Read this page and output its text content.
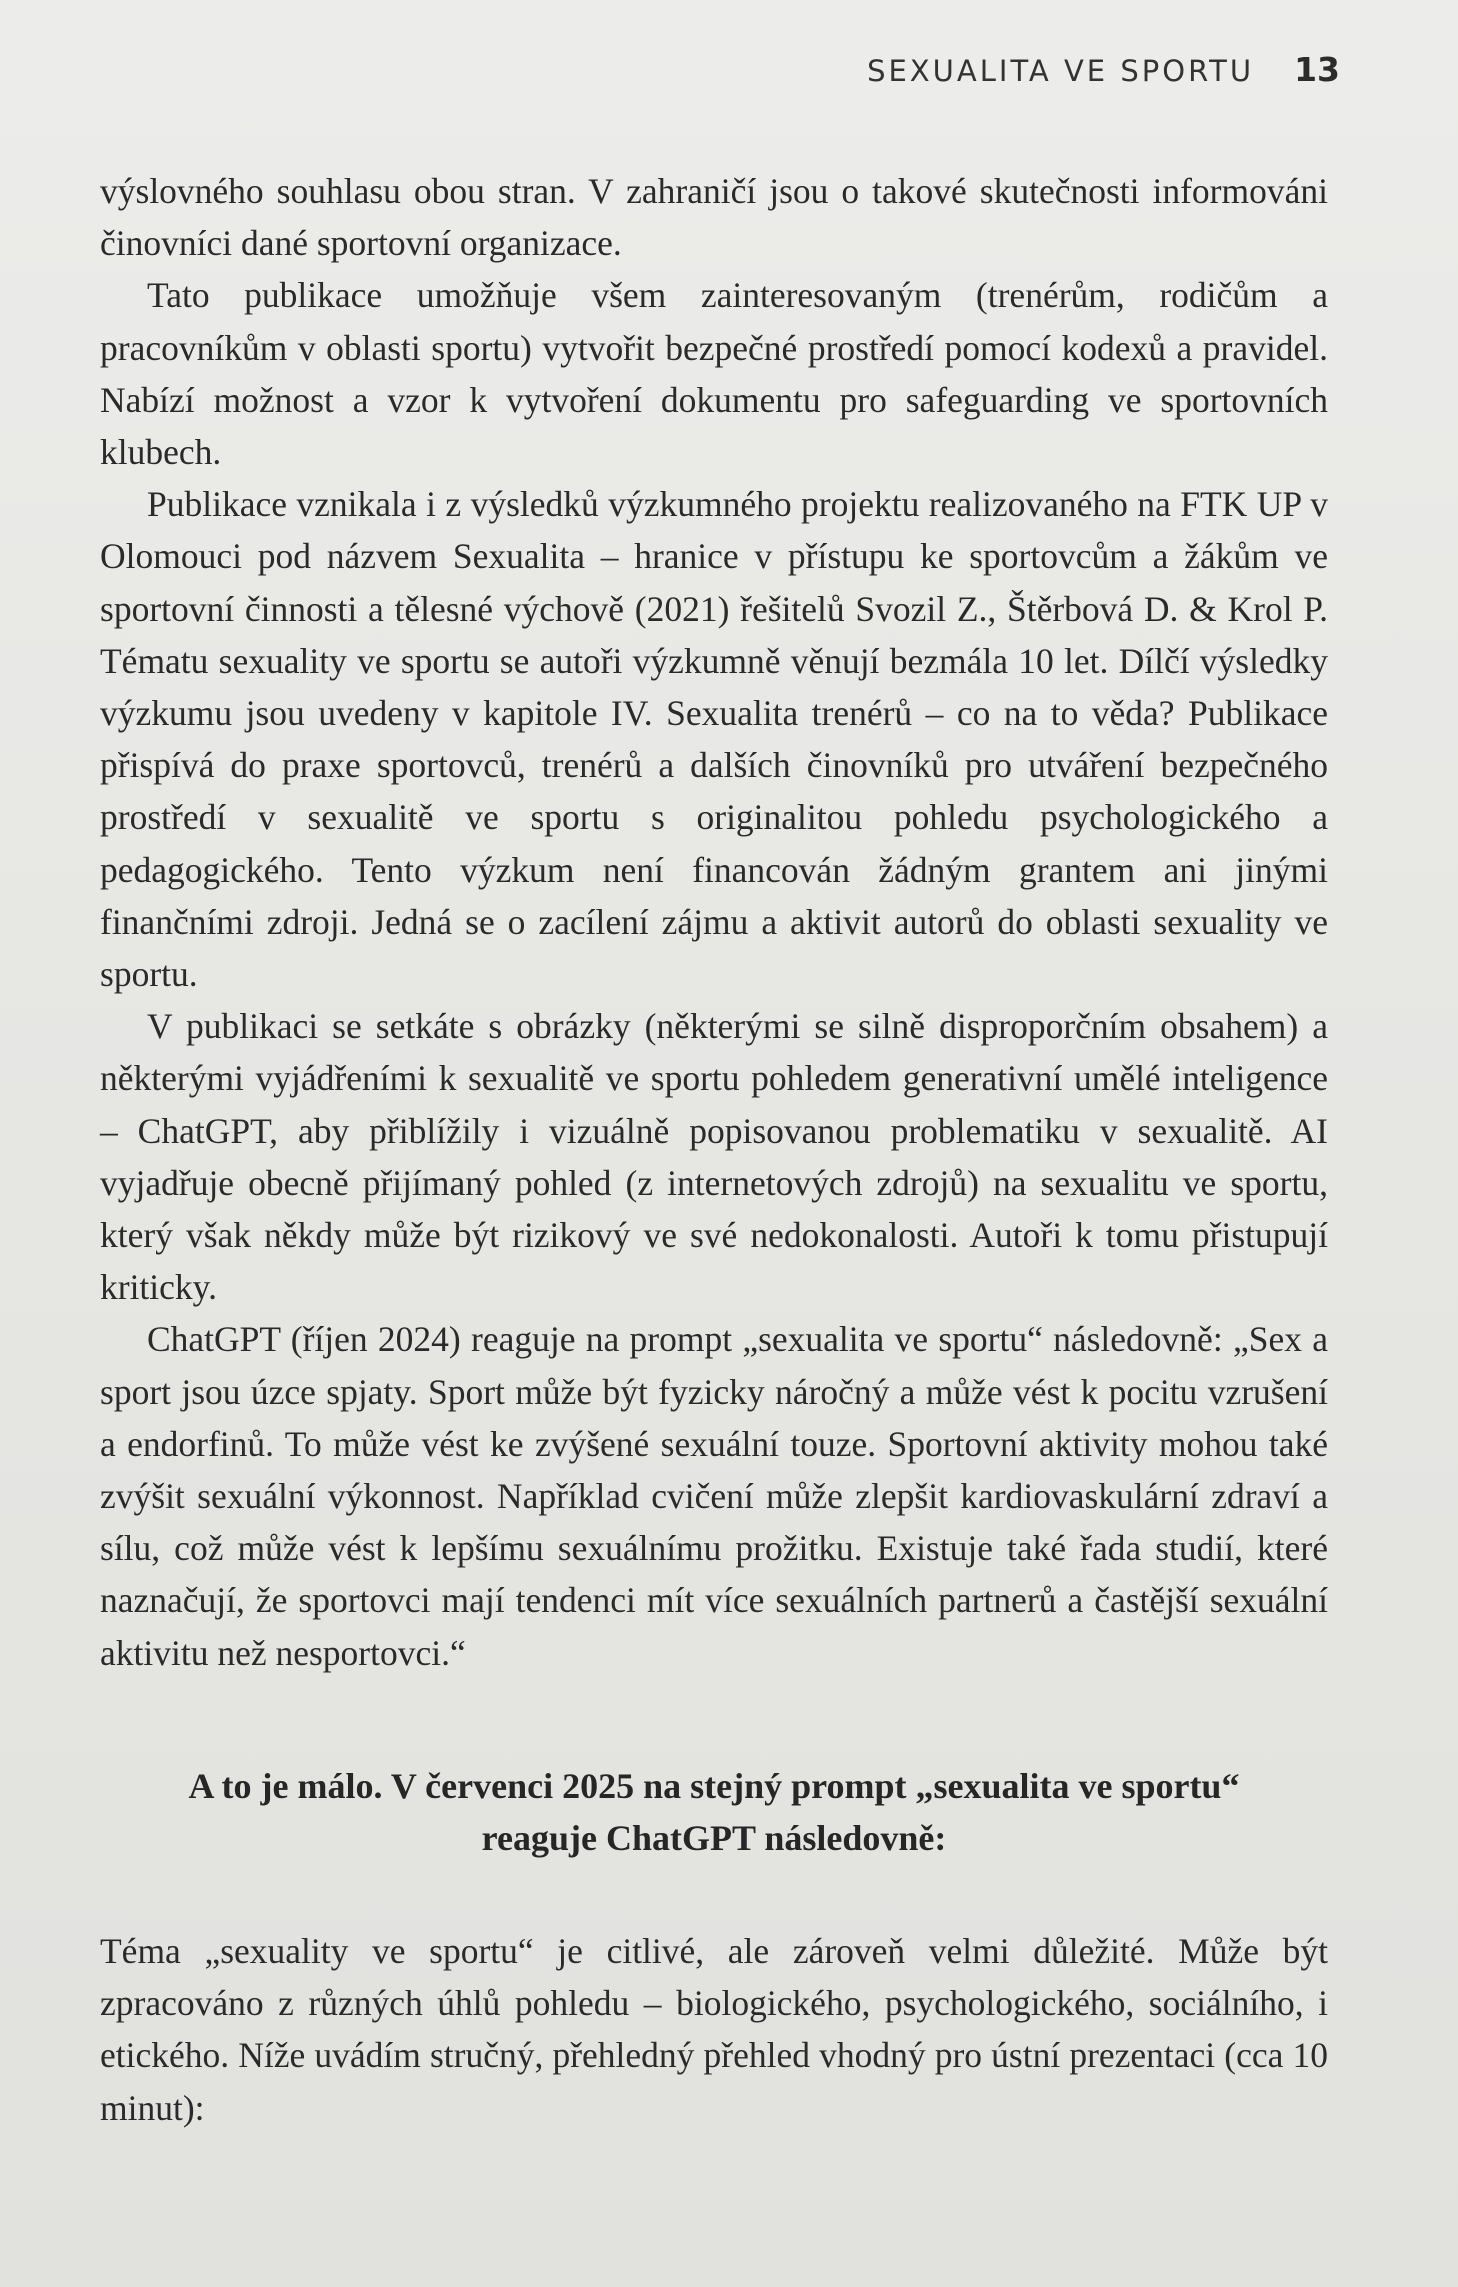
SEXUALITA VE SPORTU 13

výslovného souhlasu obou stran. V zahraničí jsou o takové skutečnosti informováni činovníci dané sportovní organizace.

Tato publikace umožňuje všem zainteresovaným (trenérům, rodičům a pracovníkům v oblasti sportu) vytvořit bezpečné prostředí pomocí kodexů a pravidel. Nabízí možnost a vzor k vytvoření dokumentu pro safeguarding ve sportovních klubech.

Publikace vznikala i z výsledků výzkumného projektu realizovaného na FTK UP v Olomouci pod názvem Sexualita – hranice v přístupu ke sportovcům a žákům ve sportovní činnosti a tělesné výchově (2021) řešitelů Svozil Z., Štěrbová D. & Krol P. Tématu sexuality ve sportu se autoři výzkumně věnují bezmála 10 let. Dílčí výsledky výzkumu jsou uvedeny v kapitole IV. Sexualita trenérů – co na to věda? Publikace přispívá do praxe sportovců, trenérů a dalších činovníků pro utváření bezpečného prostředí v sexualitě ve sportu s originalitou pohledu psychologického a pedagogického. Tento výzkum není financován žádným grantem ani jinými finančními zdroji. Jedná se o zacílení zájmu a aktivit autorů do oblasti sexuality ve sportu.

V publikaci se setkáte s obrázky (některými se silně disproporčním obsahem) a některými vyjádřeními k sexualitě ve sportu pohledem generativní umělé inteligence – ChatGPT, aby přiblížily i vizuálně popisovanou problematiku v sexualitě. AI vyjadřuje obecně přijímaný pohled (z internetových zdrojů) na sexualitu ve sportu, který však někdy může být rizikový ve své nedokonalosti. Autoři k tomu přistupují kriticky.

ChatGPT (říjen 2024) reaguje na prompt „sexualita ve sportu“ následovně: „Sex a sport jsou úzce spjaty. Sport může být fyzicky náročný a může vést k pocitu vzrušení a endorfinů. To může vést ke zvýšené sexuální touze. Sportovní aktivity mohou také zvýšit sexuální výkonnost. Například cvičení může zlepšit kardiovaskulární zdraví a sílu, což může vést k lepšímu sexuálnímu prožitku. Existuje také řada studií, které naznačují, že sportovci mají tendenci mít více sexuálních partnerů a častější sexuální aktivitu než nesportovci.“

A to je málo. V červenci 2025 na stejný prompt „sexualita ve sportu“
reaguje ChatGPT následovně:

Téma „sexuality ve sportu“ je citlivé, ale zároveň velmi důležité. Může být zpracováno z různých úhlů pohledu – biologického, psychologického, sociálního, i etického. Níže uvádím stručný, přehledný přehled vhodný pro ústní prezentaci (cca 10 minut):
